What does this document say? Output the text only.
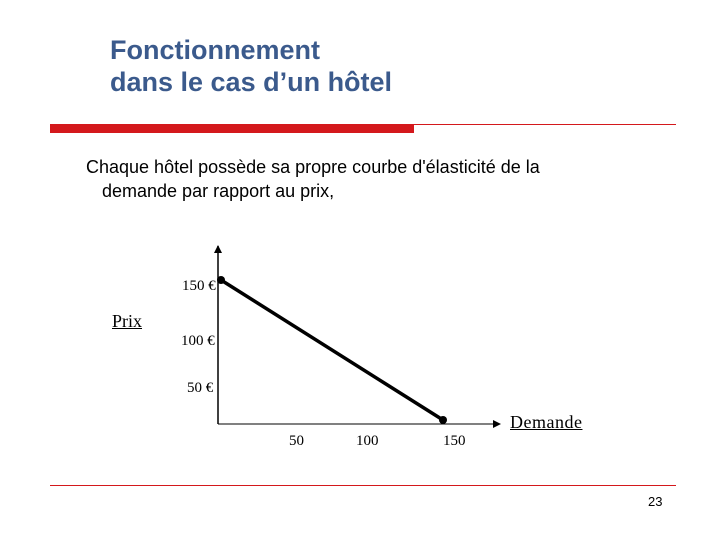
Fonctionnement
dans le cas d’un hôtel
Chaque hôtel possède sa propre courbe d'élasticité de la
demande par rapport au prix,
Prix
Demande
150 €
100 €
50 €
50	100	150
23
